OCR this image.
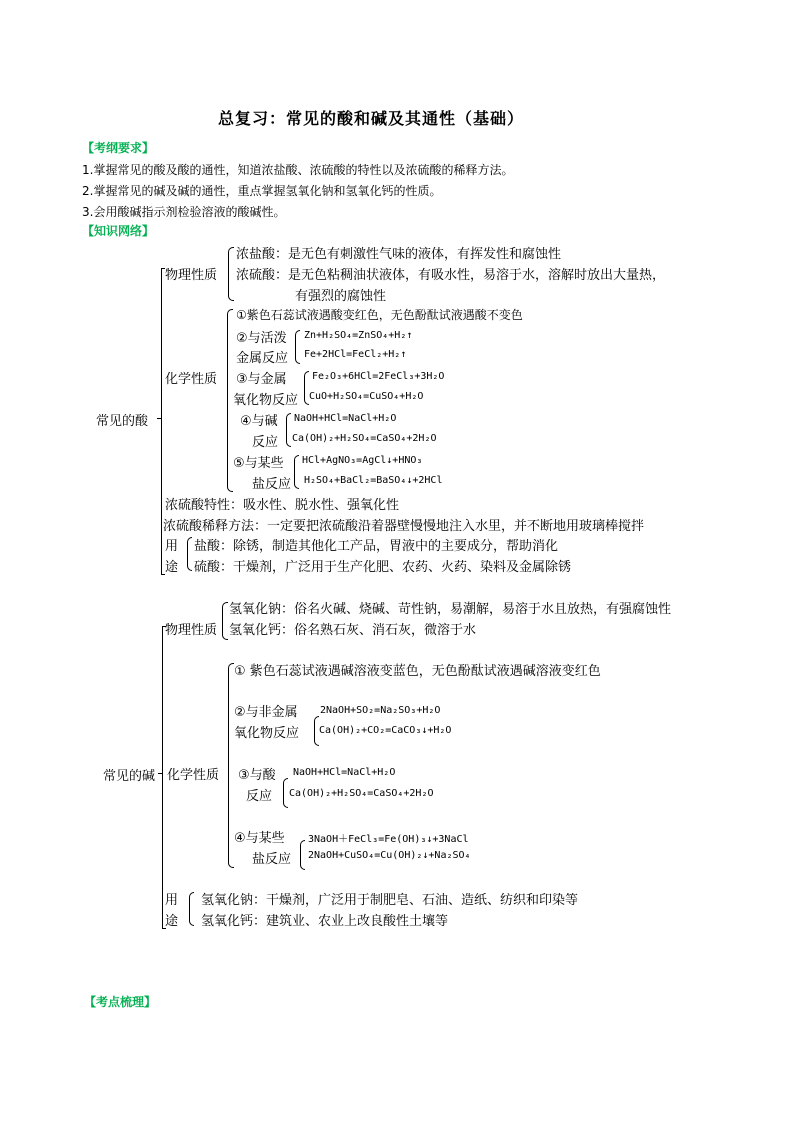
总复习：常见的酸和碱及其通性（基础）
【考纲要求】
1.掌握常见的酸及酸的通性，知道浓盐酸、浓硫酸的特性以及浓硫酸的稀释方法。
2.掌握常见的碱及碱的通性，重点掌握氢氧化钠和氢氧化钙的性质。
3.会用酸碱指示剂检验溶液的酸碱性。
【知识网络】
常见的酸
物理性质
浓盐酸：是无色有刺激性气味的液体，有挥发性和腐蚀性
浓硫酸：是无色粘稠油状液体，有吸水性，易溶于水，溶解时放出大量热，
有强烈的腐蚀性
化学性质
①紫色石蕊试液遇酸变红色，无色酚酞试液遇酸不变色
②与活泼
金属反应
Zn+H₂SO₄=ZnSO₄+H₂↑
Fe+2HCl=FeCl₂+H₂↑
③与金属
氧化物反应
Fe₂O₃+6HCl=2FeCl₃+3H₂O
CuO+H₂SO₄=CuSO₄+H₂O
④与碱
反应
NaOH+HCl=NaCl+H₂O
Ca(OH)₂+H₂SO₄=CaSO₄+2H₂O
⑤与某些
盐反应
HCl+AgNO₃=AgCl↓+HNO₃
H₂SO₄+BaCl₂=BaSO₄↓+2HCl
浓硫酸特性：吸水性、脱水性、强氧化性
浓硫酸稀释方法：一定要把浓硫酸沿着器壁慢慢地注入水里，并不断地用玻璃棒搅拌
用
途
盐酸：除锈，制造其他化工产品，胃液中的主要成分，帮助消化
硫酸：干燥剂，广泛用于生产化肥、农药、火药、染料及金属除锈
常见的碱
物理性质
氢氧化钠：俗名火碱、烧碱、苛性钠，易潮解，易溶于水且放热，有强腐蚀性
氢氧化钙：俗名熟石灰、消石灰，微溶于水
化学性质
① 紫色石蕊试液遇碱溶液变蓝色，无色酚酞试液遇碱溶液变红色
②与非金属
氧化物反应
2NaOH+SO₂=Na₂SO₃+H₂O
Ca(OH)₂+CO₂=CaCO₃↓+H₂O
③与酸
反应
NaOH+HCl=NaCl+H₂O
Ca(OH)₂+H₂SO₄=CaSO₄+2H₂O
④与某些
盐反应
3NaOH＋FeCl₃=Fe(OH)₃↓+3NaCl
2NaOH+CuSO₄=Cu(OH)₂↓+Na₂SO₄
用
途
氢氧化钠：干燥剂，广泛用于制肥皂、石油、造纸、纺织和印染等
氢氧化钙：建筑业、农业上改良酸性土壤等
【考点梳理】
